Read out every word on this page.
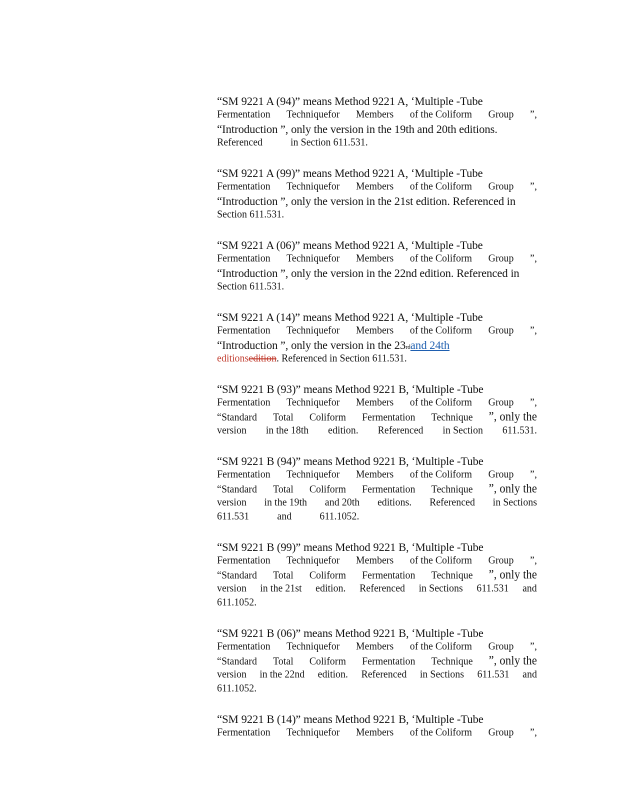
“SM 9221 A (94)” means Method 9221 A, ‘Multiple -Tube
Fermentation Techniquefor Members of the Coliform Group ”,
“Introduction ”, only the version in the 19th and 20th editions.
Referenced	in Section 611.531.
“SM 9221 A (99)” means Method 9221 A, ‘Multiple -Tube
Fermentation Techniquefor Members of the Coliform Group ”,
“Introduction ”, only the version in the 21st edition. Referenced in
Section 611.531.
“SM 9221 A (06)” means Method 9221 A, ‘Multiple -Tube
Fermentation Techniquefor Members of the Coliform Group ”,
“Introduction ”, only the version in the 22nd edition. Referenced in
Section 611.531.
“SM 9221 A (14)” means Method 9221 A, ‘Multiple -Tube
Fermentation Techniquefor Members of the Coliform Group ”,
“Introduction ”, only the version in the 23 rd and 24th
editions edition . Referenced in Section 611.531.
“SM 9221 B (93)” means Method 9221 B, ‘Multiple -Tube
Fermentation Techniquefor Members of the Coliform Group ”,
“Standard Total Coliform Fermentation Technique ”, only the
version in the 18th edition. Referenced in Section 611.531.
“SM 9221 B (94)” means Method 9221 B, ‘Multiple -Tube
Fermentation Techniquefor Members of the Coliform Group ”,
“Standard Total Coliform Fermentation Technique ”, only the
version in the 19th and 20th editions. Referenced in Sections
611.531	and	611.1052.
“SM 9221 B (99)” means Method 9221 B, ‘Multiple -Tube
Fermentation Techniquefor Members of the Coliform Group ”,
“Standard Total Coliform Fermentation Technique ”, only the
version in the 21st edition. Referenced in Sections 611.531 and
611.1052.
“SM 9221 B (06)” means Method 9221 B, ‘Multiple -Tube
Fermentation Techniquefor Members of the Coliform Group ”,
“Standard Total Coliform Fermentation Technique ”, only the
version in the 22nd edition. Referenced in Sections 611.531 and
611.1052.
“SM 9221 B (14)” means Method 9221 B, ‘Multiple -Tube
Fermentation Techniquefor Members of the Coliform Group ”,
